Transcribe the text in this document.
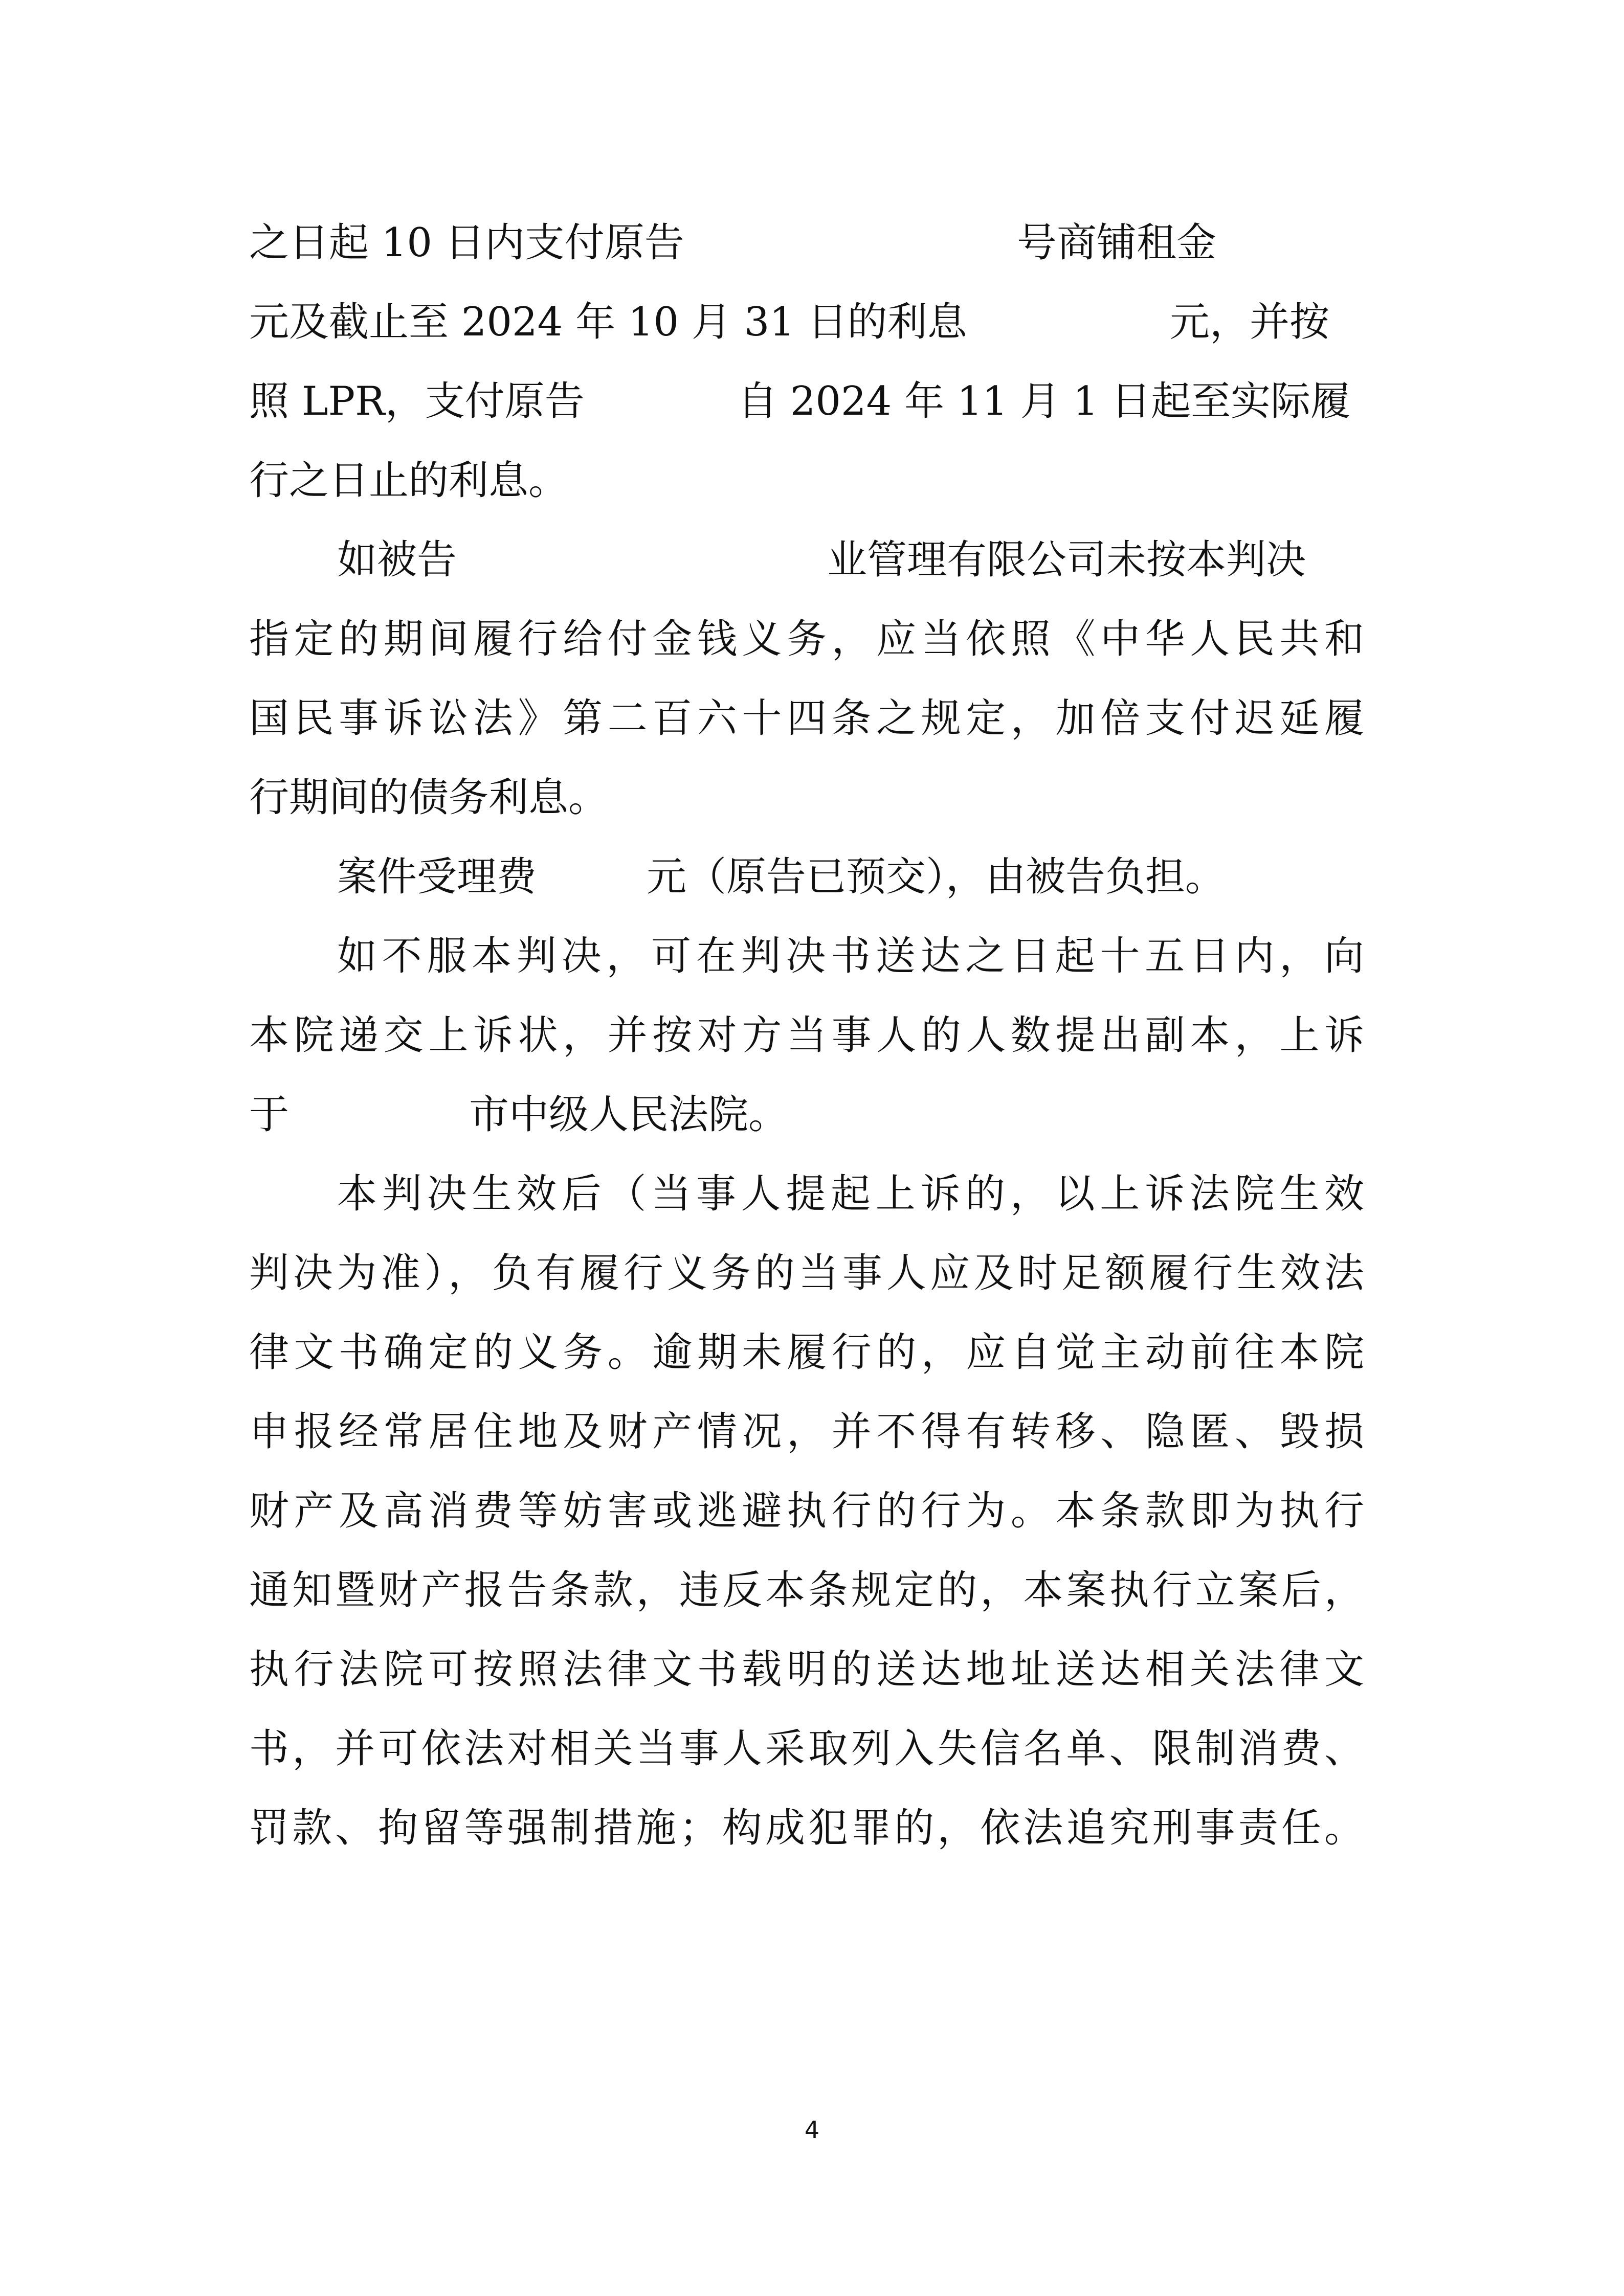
之日起 10 日内支付原告	号商铺租金
元及截止至 2024 年 10 月 31 日的利息	元，并按
照 LPR，支付原告	自 2024 年 11 月 1 日起至实际履
行之日止的利息。
如被告	业管理有限公司未按本判决
指定的期间履行给付金钱义务，应当依照《中华人民共和
国民事诉讼法》第二百六十四条之规定，加倍支付迟延履
行期间的债务利息。
案件受理费	元（原告已预交），由被告负担。
如不服本判决，可在判决书送达之日起十五日内，向
本院递交上诉状，并按对方当事人的人数提出副本，上诉
于	市中级人民法院。
本判决生效后（当事人提起上诉的，以上诉法院生效
判决为准），负有履行义务的当事人应及时足额履行生效法
律文书确定的义务。逾期未履行的，应自觉主动前往本院
申报经常居住地及财产情况，并不得有转移、隐匿、毁损
财产及高消费等妨害或逃避执行的行为。本条款即为执行
通知暨财产报告条款，违反本条规定的，本案执行立案后，
执行法院可按照法律文书载明的送达地址送达相关法律文
书，并可依法对相关当事人采取列入失信名单、限制消费、
罚款、拘留等强制措施；构成犯罪的，依法追究刑事责任。
4
